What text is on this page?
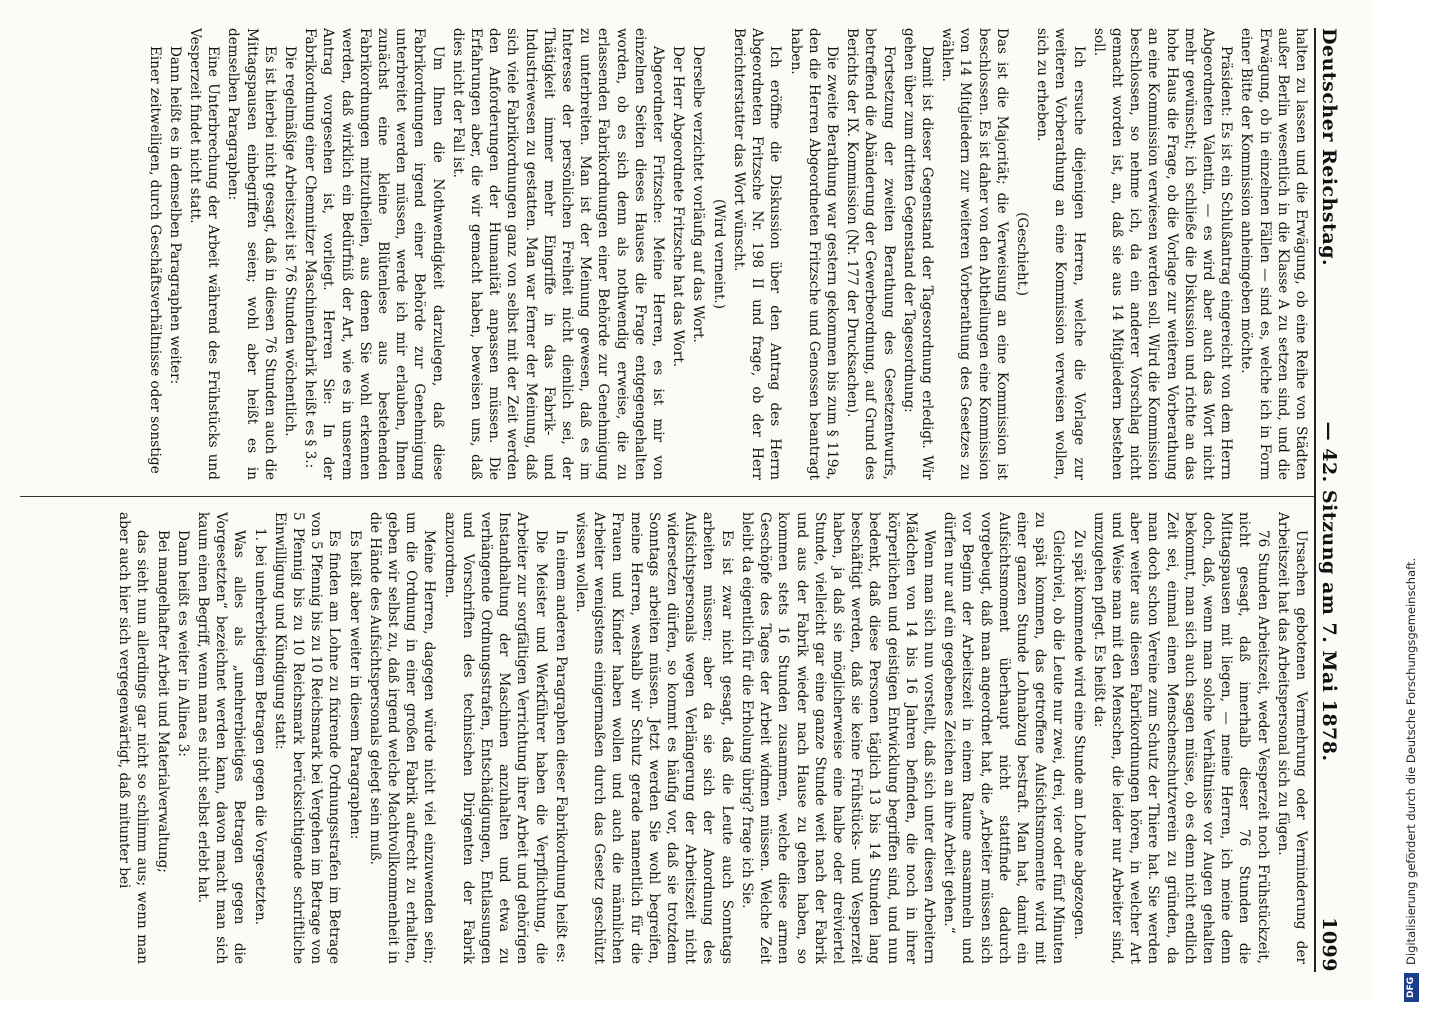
Deutscher Reichstag.
— 42. Sitzung am 7. Mai 1878.
1099

halten zu lassen und die Erwägung, ob eine Reihe von Städten außer Berlin wesentlich in die Klasse A zu setzen sind, und die Erwägung, ob in einzelnen Fällen — sind es, welche ich in Form einer Bitte der Kommission anheimgeben möchte.

Präsident: Es ist ein Schlußantrag eingereicht von dem Herrn Abgeordneten Valentin, — es wird aber auch das Wort nicht mehr gewünscht; ich schließe die Diskussion und richte an das hohe Haus die Frage, ob die Vorlage zur weiteren Vorberathung an eine Kommission verwiesen werden soll. Wird die Kommission beschlossen, so nehme ich, da ein anderer Vorschlag nicht gemacht worden ist, an, daß sie aus 14 Mitgliedern bestehen soll.

Ich ersuche diejenigen Herren, welche die Vorlage zur weiteren Vorberathung an eine Kommission verweisen wollen, sich zu erheben.

(Geschieht.)

Das ist die Majorität; die Verweisung an eine Kommission ist beschlossen. Es ist daher von den Abtheilungen eine Kommission von 14 Mitgliedern zur weiteren Vorberathung des Gesetzes zu wählen.

Damit ist dieser Gegenstand der Tagesordnung erledigt. Wir gehen über zum dritten Gegenstand der Tagesordnung:

Fortsetzung der zweiten Berathung des Gesetzentwurfs, betreffend die Abänderung der Gewerbeordnung, auf Grund des Berichts der IX. Kommission (Nr. 177 der Drucksachen).

Die zweite Berathung war gestern gekommen bis zum § 119a, den die Herren Abgeordneten Fritzsche und Genossen beantragt haben.

Ich eröffne die Diskussion über den Antrag des Herrn Abgeordneten Fritzsche Nr. 198 II und frage, ob der Herr Berichterstatter das Wort wünscht.

(Wird verneint.)

Derselbe verzichtet vorläufig auf das Wort.

Der Herr Abgeordnete Fritzsche hat das Wort.

Abgeordneter Fritzsche: Meine Herren, es ist mir von einzelnen Seiten dieses Hauses die Frage entgegengehalten worden, ob es sich denn als nothwendig erweise, die zu erlassenden Fabrikordnungen einer Behörde zur Genehmigung zu unterbreiten. Man ist der Meinung gewesen, daß es im Interesse der persönlichen Freiheit nicht dienlich sei, der Thätigkeit immer mehr Eingriffe in das Fabrik- und Industriewesen zu gestatten. Man war ferner der Meinung, daß sich viele Fabrikordnungen ganz von selbst mit der Zeit werden den Anforderungen der Humanität anpassen müssen. Die Erfahrungen aber, die wir gemacht haben, beweisen uns, daß dies nicht der Fall ist.

Um Ihnen die Nothwendigkeit darzulegen, daß diese Fabrikordnungen irgend einer Behörde zur Genehmigung unterbreitet werden müssen, werde ich mir erlauben, Ihnen zunächst eine kleine Blütenlese aus bestehenden Fabrikordnungen mitzutheilen, aus denen Sie wohl erkennen werden, daß wirklich ein Bedürfniß der Art, wie es in unserem Antrag vorgesehen ist, vorliegt. Herren Sie: In der Fabrikordnung einer Chemnitzer Maschinenfabrik heißt es § 3.:

Die regelmäßige Arbeitszeit ist 76 Stunden wöchentlich.

Es ist hierbei nicht gesagt, daß in diesen 76 Stunden auch die Mittagspausen einbegriffen seien; wohl aber heißt es in demselben Paragraphen:

Eine Unterbrechung der Arbeit während des Frühstücks und Vesperzeit findet nicht statt.

Dann heißt es in demselben Paragraphen weiter:

Einer zeitweiligen, durch Geschäftsverhältnisse oder sonstige

Ursachen gebotenen Vermehrung oder Verminderung der Arbeitszeit hat das Arbeitspersonal sich zu fügen.

76 Stunden Arbeitszeit, weder Vesperzeit noch Frühstückzeit, nicht gesagt, daß innerhalb dieser 76 Stunden die Mittagspausen mit liegen, — meine Herren, ich meine denn doch, daß, wenn man solche Verhältnisse vor Augen gehalten bekommt, man sich auch sagen müsse, ob es denn nicht endlich Zeit sei, einmal einen Menschenschutzverein zu gründen, da man doch schon Vereine zum Schutz der Thiere hat. Sie werden aber weiter aus diesen Fabrikordnungen hören, in welcher Art und Weise man mit den Menschen, die leider nur Arbeiter sind, umzugehen pflegt. Es heißt da:

Zu spät kommende wird eine Stunde am Lohne abgezogen.

Gleichviel, ob die Leute nur zwei, drei, vier oder fünf Minuten zu spät kommen, das getroffene Aufsichtsmomente wird mit einer ganzen Stunde Lohnabzug bestraft. Man hat, damit ein Aufsichtsmoment überhaupt nicht stattfinde dadurch vorgebeugt, daß man angeordnet hat, die „Arbeiter müssen sich vor Beginn der Arbeitszeit in einem Raume ansammeln und dürfen nur auf ein gegebenes Zeichen an ihre Arbeit gehen.“

Wenn man sich nun vorstellt, daß sich unter diesen Arbeitern Mädchen von 14 bis 16 Jahren befinden, die noch in ihrer körperlichen und geistigen Entwicklung begriffen sind, und nun bedenkt, daß diese Personen täglich 13 bis 14 Stunden lang beschäftigt werden, daß sie keine Frühstücks- und Vesperzeit haben, ja daß sie möglicherweise eine halbe oder dreiviertel Stunde, vielleicht gar eine ganze Stunde weit nach der Fabrik und aus der Fabrik wieder nach Hause zu gehen haben, so kommen stets 16 Stunden zusammen, welche diese armen Geschöpfe des Tages der Arbeit widmen müssen. Welche Zeit bleibt da eigentlich für die Erholung übrig? frage ich Sie.

Es ist zwar nicht gesagt, daß die Leute auch Sonntags arbeiten müssen; aber da sie sich der Anordnung des Aufsichtspersonals wegen Verlängerung der Arbeitszeit nicht widersetzen dürfen, so kommt es häufig vor, daß sie trotzdem Sonntags arbeiten müssen. Jetzt werden Sie wohl begreifen, meine Herren, weshalb wir Schutz gerade namentlich für die Frauen und Kinder haben wollen und auch die männlichen Arbeiter wenigstens einigermaßen durch das Gesetz geschützt wissen wollen.

In einem anderen Paragraphen dieser Fabrikordnung heißt es:

Die Meister und Werkführer haben die Verpflichtung, die Arbeiter zur sorgfältigen Verrichtung ihrer Arbeit und gehörigen Instandhaltung der Maschinen anzuhalten und etwa zu verhängende Ordnungsstrafen, Entschädigungen, Entlassungen und Vorschriften des technischen Dirigenten der Fabrik anzuordnen.

Meine Herren, dagegen würde nicht viel einzuwenden sein; um die Ordnung in einer großen Fabrik aufrecht zu erhalten, geben wir selbst zu, daß irgend welche Machtvollkommenheit in die Hände des Aufsichtspersonals gelegt sein muß.

Es heißt aber weiter in diesem Paragraphen:

Es finden am Lohne zu fixirende Ordnungsstrafen im Betrage von 5 Pfennig bis zu 10 Reichsmark bei Vergehen im Betrage von 5 Pfennig bis zu 10 Reichsmark berücksichtigende schriftliche Einwilligung und Kündigung statt:

1. bei unehrerbietigem Betragen gegen die Vorgesetzten.

Was alles als „unehrerbietiges Betragen gegen die Vorgesetzten“ bezeichnet werden kann, davon macht man sich kaum einen Begriff, wenn man es nicht selbst erlebt hat.

Dann heißt es weiter in Alinea 3:

Bei mangelhafter Arbeit und Materialverwaltung;

das sieht nun allerdings gar nicht so schlimm aus; wenn man aber auch hier sich vergegenwärtigt, daß mitunter bei

DFG
Digitalisierung gefördert durch die Deutsche Forschungsgemeinschaft.
